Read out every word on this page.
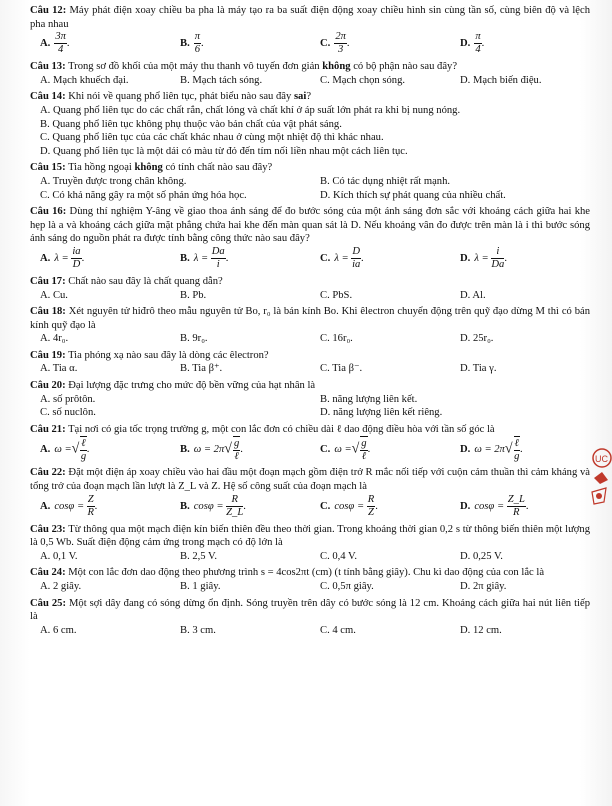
Câu 12: Máy phát điện xoay chiều ba pha là máy tạo ra ba suất điện động xoay chiều hình sin cùng tần số, cùng biên độ và lệch pha nhau
A. $\frac{3\pi}{4}$ .	B. $\frac{\pi}{6}$ .	C. $\frac{2\pi}{3}$ .	D. $\frac{\pi}{4}$ .
Câu 13: Trong sơ đồ khối của một máy thu thanh vô tuyến đơn giản không có bộ phận nào sau đây?
A. Mạch khuếch đại.	B. Mạch tách sóng.	C. Mạch chọn sóng.	D. Mạch biến điệu.
Câu 14: Khi nói về quang phổ liên tục, phát biểu nào sau đây sai?
A. Quang phổ liên tục do các chất rắn, chất lỏng và chất khí ở áp suất lớn phát ra khi bị nung nóng.
B. Quang phổ liên tục không phụ thuộc vào bản chất của vật phát sáng.
C. Quang phổ liên tục của các chất khác nhau ở cùng một nhiệt độ thì khác nhau.
D. Quang phổ liên tục là một dải có màu từ đỏ đến tím nối liền nhau một cách liên tục.
Câu 15: Tia hồng ngoại không có tính chất nào sau đây?
A. Truyền được trong chân không.	B. Có tác dụng nhiệt rất mạnh.
C. Có khả năng gây ra một số phản ứng hóa học.	D. Kích thích sự phát quang của nhiều chất.
Câu 16: Dùng thí nghiệm Y-âng về giao thoa ánh sáng để đo bước sóng của một ánh sáng đơn sắc với khoảng cách giữa hai khe hẹp là a và khoảng cách giữa mặt phẳng chứa hai khe đến màn quan sát là D. Nếu khoảng vân đo được trên màn là i thì bước sóng ánh sáng do nguồn phát ra được tính bằng công thức nào sau đây?
A. $\lambda = \frac{ia}{D}$ .	B. $\lambda = \frac{Da}{i}$ .	C. $\lambda = \frac{D}{ia}$ .	D. $\lambda = \frac{i}{Da}$ .
Câu 17: Chất nào sau đây là chất quang dẫn?
A. Cu.	B. Pb.	C. PbS.	D. Al.
Câu 18: Xét nguyên tử hiđrô theo mẫu nguyên tử Bo, r₀ là bán kính Bo. Khi êlectron chuyển động trên quỹ đạo dừng M thì có bán kính quỹ đạo là
A. 4r₀.	B. 9r₀.	C. 16r₀.	D. 25r₀.
Câu 19: Tia phóng xạ nào sau đây là dòng các êlectron?
A. Tia α.	B. Tia β⁺.	C. Tia β⁻.	D. Tia γ.
Câu 20: Đại lượng đặc trưng cho mức độ bền vững của hạt nhân là
A. số prôtôn.	B. năng lượng liên kết.
C. số nuclôn.	D. năng lượng liên kết riêng.
Câu 21: Tại nơi có gia tốc trọng trường g, một con lắc đơn có chiều dài ℓ dao động điều hòa với tần số góc là
A. ω =√ $\frac{\text{ℓ}}{g}$ .	B. $\omega = 2\pi√ \frac{g}{\text{ℓ}}$ .	C. ω =√ $\frac{g}{\text{ℓ}}$ .	D. $\omega = 2\pi√ \frac{\text{ℓ}}{g}$ .
Câu 22: Đặt một điện áp xoay chiều vào hai đầu một đoạn mạch gồm điện trở R mắc nối tiếp với cuộn cảm thuần thì cảm kháng và tổng trở của đoạn mạch lần lượt là Z_L và Z. Hệ số công suất của đoạn mạch là
A. $\cos\varphi = \frac{Z}{R}$ .	B. $\cos\varphi = \frac{R}{Z\_L}$ .	C. $\cos\varphi = \frac{R}{Z}$ .	D. $\cos\varphi = \frac{Z\_L}{R}$ .
Câu 23: Từ thông qua một mạch điện kín biến thiên đều theo thời gian. Trong khoảng thời gian 0,2 s từ thông biến thiên một lượng là 0,5 Wb. Suất điện động cảm ứng trong mạch có độ lớn là
A. 0,1 V.	B. 2,5 V.	C. 0,4 V.	D. 0,25 V.
Câu 24: Một con lắc đơn dao động theo phương trình s = 4cos2πt (cm) (t tính bằng giây). Chu kì dao động của con lắc là
A. 2 giây.	B. 1 giây.	C. 0,5π giây.	D. 2π giây.
Câu 25: Một sợi dây đang có sóng dừng ổn định. Sóng truyền trên dây có bước sóng là 12 cm. Khoảng cách giữa hai nút liên tiếp là
A. 6 cm.	B. 3 cm.	C. 4 cm.	D. 12 cm.
UC
